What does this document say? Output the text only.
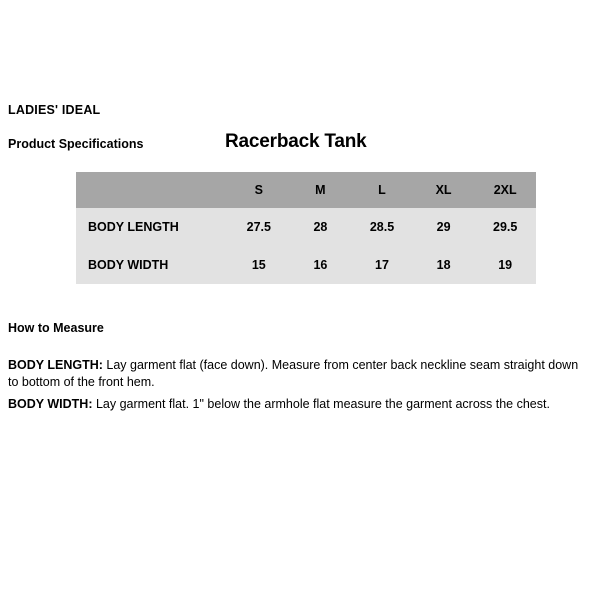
LADIES' IDEAL
Product Specifications	Racerback Tank
	S	M	L	XL	2XL
BODY LENGTH	27.5	28	28.5	29	29.5
BODY WIDTH	15	16	17	18	19
How to Measure
BODY LENGTH: Lay garment flat (face down). Measure from center back neckline seam straight down to bottom of the front hem.
BODY WIDTH: Lay garment flat. 1" below the armhole flat measure the garment across the chest.
